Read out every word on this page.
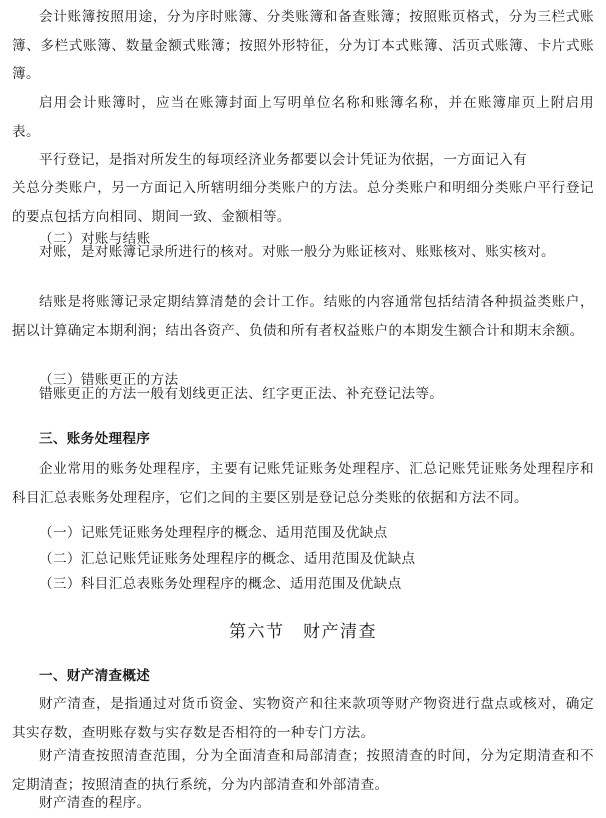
会计账簿按照用途，分为序时账簿、分类账簿和备查账簿；按照账页格式，分为三栏式账簿、多栏式账簿、数量金额式账簿；按照外形特征，分为订本式账簿、活页式账簿、卡片式账簿。

启用会计账簿时，应当在账簿封面上写明单位名称和账簿名称，并在账簿扉页上附启用表。

平行登记，是指对所发生的每项经济业务都要以会计凭证为依据，一方面记入有

关总分类账户，另一方面记入所辖明细分类账户的方法。总分类账户和明细分类账户平行登记的要点包括方向相同、期间一致、金额相等。

（二）对账与结账

对账，是对账簿记录所进行的核对。对账一般分为账证核对、账账核对、账实核对。

结账是将账簿记录定期结算清楚的会计工作。结账的内容通常包括结清各种损益类账户，据以计算确定本期利润；结出各资产、负债和所有者权益账户的本期发生额合计和期末余额。

（三）错账更正的方法

错账更正的方法一般有划线更正法、红字更正法、补充登记法等。

三、账务处理程序

企业常用的账务处理程序，主要有记账凭证账务处理程序、汇总记账凭证账务处理程序和科目汇总表账务处理程序，它们之间的主要区别是登记总分类账的依据和方法不同。

（一）记账凭证账务处理程序的概念、适用范围及优缺点

（二）汇总记账凭证账务处理程序的概念、适用范围及优缺点

（三）科目汇总表账务处理程序的概念、适用范围及优缺点

第六节　财产清查

一、财产清查概述

财产清查，是指通过对货币资金、实物资产和往来款项等财产物资进行盘点或核对，确定其实存数，查明账存数与实存数是否相符的一种专门方法。

财产清查按照清查范围，分为全面清查和局部清查；按照清查的时间，分为定期清查和不定期清查；按照清查的执行系统，分为内部清查和外部清查。

财产清查的程序。
